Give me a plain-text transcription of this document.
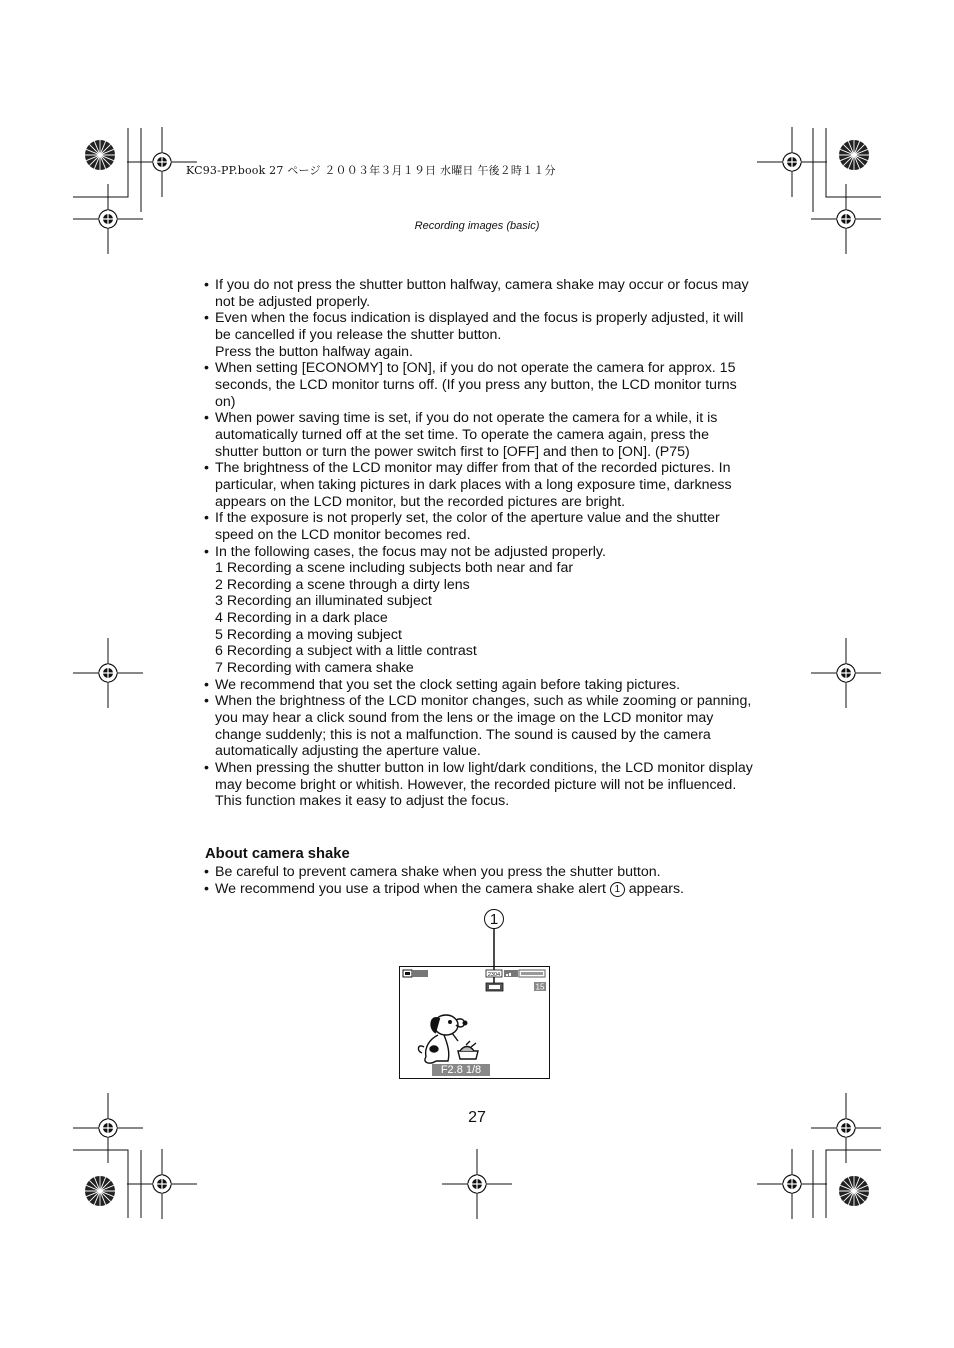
KC93-PP.book 27 ページ ２００３年３月１９日 水曜日 午後２時１１分
Recording images (basic)
• If you do not press the shutter button halfway, camera shake may occur or focus may not be adjusted properly.
• Even when the focus indication is displayed and the focus is properly adjusted, it will be cancelled if you release the shutter button.
Press the button halfway again.
• When setting [ECONOMY] to [ON], if you do not operate the camera for approx. 15 seconds, the LCD monitor turns off. (If you press any button, the LCD monitor turns on)
• When power saving time is set, if you do not operate the camera for a while, it is automatically turned off at the set time. To operate the camera again, press the shutter button or turn the power switch first to [OFF] and then to [ON]. (P75)
• The brightness of the LCD monitor may differ from that of the recorded pictures. In particular, when taking pictures in dark places with a long exposure time, darkness appears on the LCD monitor, but the recorded pictures are bright.
• If the exposure is not properly set, the color of the aperture value and the shutter speed on the LCD monitor becomes red.
• In the following cases, the focus may not be adjusted properly.
1 Recording a scene including subjects both near and far
2 Recording a scene through a dirty lens
3 Recording an illuminated subject
4 Recording in a dark place
5 Recording a moving subject
6 Recording a subject with a little contrast
7 Recording with camera shake
• We recommend that you set the clock setting again before taking pictures.
• When the brightness of the LCD monitor changes, such as while zooming or panning, you may hear a click sound from the lens or the image on the LCD monitor may change suddenly; this is not a malfunction. The sound is caused by the camera automatically adjusting the aperture value.
• When pressing the shutter button in low light/dark conditions, the LCD monitor display may become bright or whitish. However, the recorded picture will not be influenced. This function makes it easy to adjust the focus.
About camera shake
• Be careful to prevent camera shake when you press the shutter button.
• We recommend you use a tripod when the camera shake alert 1 appears.
1
2304
15
F2.8 1/8
27
